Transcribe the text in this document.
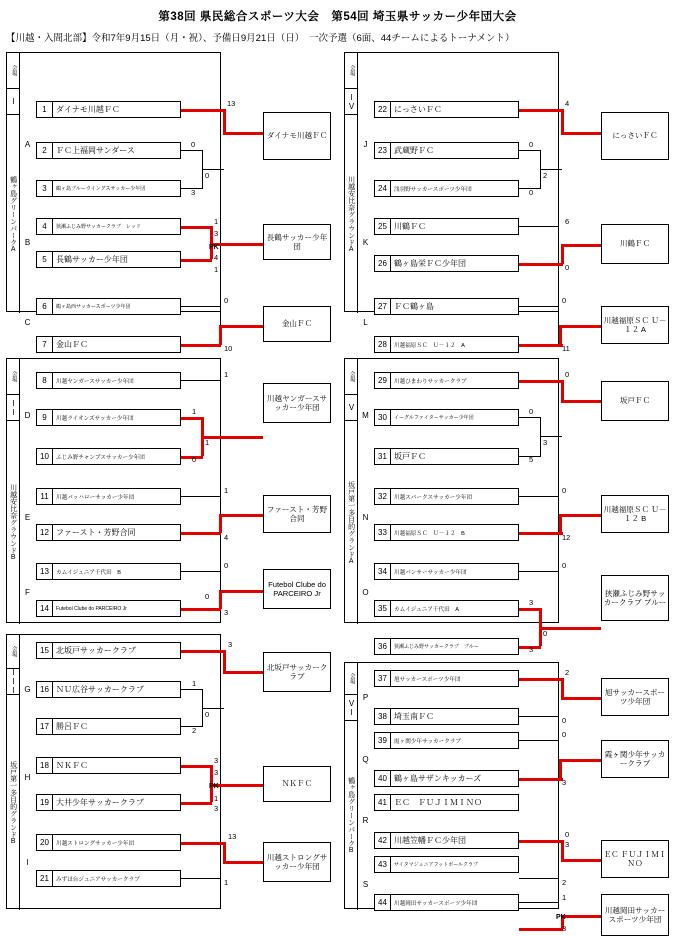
第38回 県民総合スポーツ大会　第54回 埼玉県サッカー少年団大会
【川越・入間北部】令和7年9月15日（月・祝）、予備日9月21日（日）　一次予選（6面、44チームによるトーナメント）
会場
I
鶴ヶ島グリーンパークA
A
B
C
1	ダイナモ川越ＦＣ
2	ＦＣ上福岡サンダース
3	鶴ヶ島ブルーウイングスサッカー少年団
4	狭瀬ふじみ野サッカークラブ　レッド
5	長鶴サッカー少年団
6	鶴ヶ島西サッカースポーツ少年団
7	金山ＦＣ
13
0
0
3
ダイナモ川越ＦＣ
1
3
PK
4
1
長鶴サッカー少年団
0
10
金山ＦＣ
会場
II
川越安比奈グラウンドB
D
E
F
8	川越ヤンガースサッカー少年団
9	川越ライオンズサッカー少年団
10	ふじみ野チャンプスサッカー少年団
11	川越バッハローサッカー少年団
12 ファースト・芳野合同
13	カムイジュニア千代田　B
14	Futebol Clube do PARCEIRO Jr
1
1
1
0
川越ヤンガースサッカー少年団
1
4
ファースト・芳野合同
0
0
3
Futebol Clube do PARCEIRO Jr
会場
III
坂戸第一多目的グランドB
G
H
I
15 北坂戸サッカークラブ
16 ＮＵ広谷サッカークラブ
17 勝呂ＦＣ
18 ＮＫＦＣ
19 大井少年サッカークラブ
20	川越ストロングサッカー少年団
21	みずほ台ジュニアサッカークラブ
3
1
0
2
北坂戸サッカークラブ
3
3
PK
1
3
ＮＫＦＣ
13
1
川越ストロングサッカー少年団
会場
IV
川越安比奈グラウンドA
J
K
L
22 にっさいＦＣ
23 武蔵野ＦＣ
24	浅羽野サッカースポーツ少年団
25 川鶴ＦＣ
26 鶴ヶ島栄ＦＣ少年団
27 ＦＣ鶴ヶ島
28	川越福原ＳＣ　Ｕ－１２　A
4
0
2
0
にっさいＦＣ
6
0
川鶴ＦＣ
0
11
川越福原ＳＣ Ｕ－１２ A
会場
V
坂戸第一多目的グランドA
M
N
O
29	川越ひまわりサッカークラブ
30	イーグルファイターサッカー少年団
31 坂戸ＦＣ
32	川越スパークスサッカー少年団
33	川越福原ＳＣ　Ｕ－１２　B
34	川越パンサーサッカー少年団
35	カムイジュニア千代田　A
36	狭瀬ふじみ野サッカークラブ　ブルー
0
0
3
5
坂戸ＦＣ
0
12
川越福原ＳＣ Ｕ－１２ B
0
3
0
3
狭瀬ふじみ野サッカークラブ ブルー
会場
VI
鶴ヶ島グリーンパークB
P
Q
R
S
37	旭サッカースポーツ少年団
38 埼玉南ＦＣ
39	霞ヶ関少年サッカークラブ
40 鶴ヶ島サザンキッカーズ
41 ＥＣ　ＦＵＪＩＭＩＮＯ
42 川越笠幡ＦＣ少年団
43	サイタマジュニアフットボールクラブ
44	川越岡田サッカースポーツ少年団
2
0
旭サッカースポーツ少年団
0
3
霞ヶ関少年サッカークラブ
0
3
2
ＥＣ ＦＵＪＩＭＩＮＯ
1
PK
3
川越岡田サッカースポーツ少年団
